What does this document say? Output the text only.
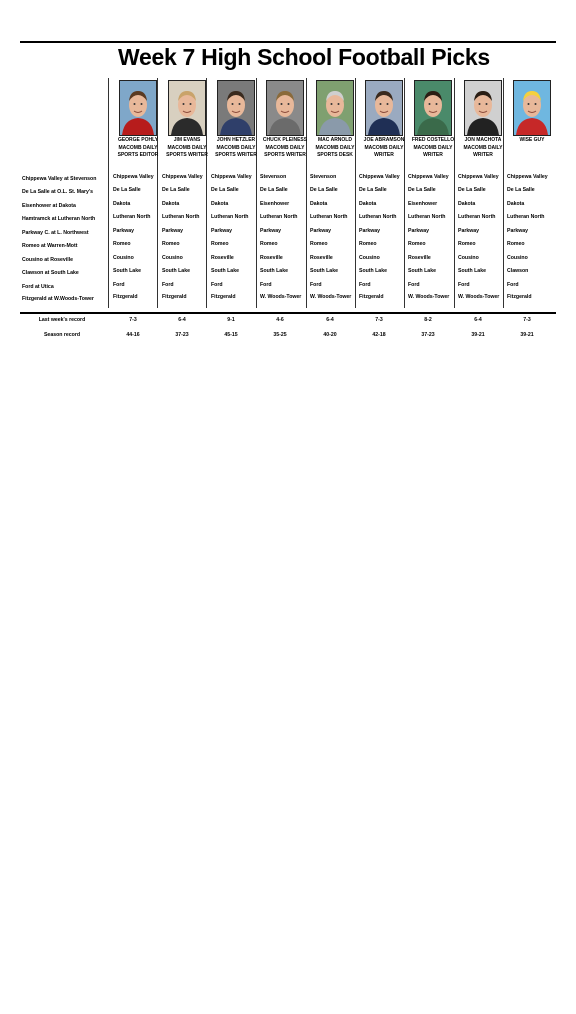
Week 7 High School Football Picks
GEORGE POHLY
MACOMB DAILY
SPORTS EDITOR
Chippewa Valley
De La Salle
Dakota
Lutheran North
Parkway
Romeo
Cousino
South Lake
Ford
Fitzgerald
7-3
44-16
JIM EVANS
MACOMB DAILY
SPORTS WRITER
Chippewa Valley
De La Salle
Dakota
Lutheran North
Parkway
Romeo
Cousino
South Lake
Ford
Fitzgerald
6-4
37-23
JOHN HETZLER
MACOMB DAILY
SPORTS WRITER
Chippewa Valley
De La Salle
Dakota
Lutheran North
Parkway
Romeo
Roseville
South Lake
Ford
Fitzgerald
9-1
45-15
CHUCK PLEINESS
MACOMB DAILY
SPORTS WRITER
Stevenson
De La Salle
Eisenhower
Lutheran North
Parkway
Romeo
Roseville
South Lake
Ford
W. Woods-Tower
4-6
35-25
MAC ARNOLD
MACOMB DAILY
SPORTS DESK
Stevenson
De La Salle
Dakota
Lutheran North
Parkway
Romeo
Roseville
South Lake
Ford
W. Woods-Tower
6-4
40-20
JOE ABRAMSON
MACOMB DAILY
WRITER
Chippewa Valley
De La Salle
Dakota
Lutheran North
Parkway
Romeo
Cousino
South Lake
Ford
Fitzgerald
7-3
42-18
FRED COSTELLO
MACOMB DAILY
WRITER
Chippewa Valley
De La Salle
Eisenhower
Lutheran North
Parkway
Romeo
Roseville
South Lake
Ford
W. Woods-Tower
8-2
37-23
JON MACHOTA
MACOMB DAILY
WRITER
Chippewa Valley
De La Salle
Dakota
Lutheran North
Parkway
Romeo
Cousino
South Lake
Ford
W. Woods-Tower
6-4
39-21
WISE GUY
Chippewa Valley
De La Salle
Dakota
Lutheran North
Parkway
Romeo
Cousino
Clawson
Ford
Fitzgerald
7-3
39-21
Chippewa Valley at Stevenson
De La Salle at O.L. St. Mary's
Eisenhower at Dakota
Hamtramck at Lutheran North
Parkway C. at L. Northwest
Romeo at Warren-Mott
Cousino at Roseville
Clawson at South Lake
Ford at Utica
Fitzgerald at W.Woods-Tower
Last week's record
Season record
